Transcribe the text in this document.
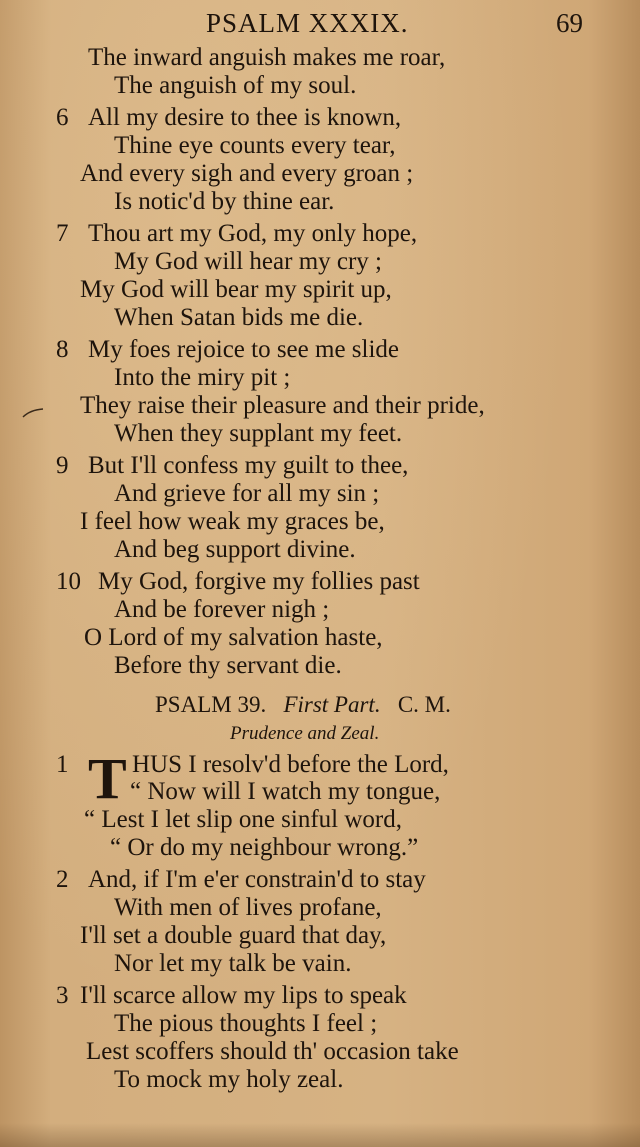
PSALM XXXIX.	69
The inward anguish makes me roar,
The anguish of my soul.
6 All my desire to thee is known,
Thine eye counts every tear,
And every sigh and every groan ;
Is notic'd by thine ear.
7 Thou art my God, my only hope,
My God will hear my cry ;
My God will bear my spirit up,
When Satan bids me die.
8 My foes rejoice to see me slide
Into the miry pit ;
They raise their pleasure and their pride,
When they supplant my feet.
9 But I'll confess my guilt to thee,
And grieve for all my sin ;
I feel how weak my graces be,
And beg support divine.
10 My God, forgive my follies past
And be forever nigh ;
O Lord of my salvation haste,
Before thy servant die.
PSALM 39. First Part. C. M.
Prudence and Zeal.
1 T HUS I resolv'd before the Lord,
“ Now will I watch my tongue,
“ Lest I let slip one sinful word,
“ Or do my neighbour wrong.”
2 And, if I'm e'er constrain'd to stay
With men of lives profane,
I'll set a double guard that day,
Nor let my talk be vain.
3 I'll scarce allow my lips to speak
The pious thoughts I feel ;
Lest scoffers should th' occasion take
To mock my holy zeal.
